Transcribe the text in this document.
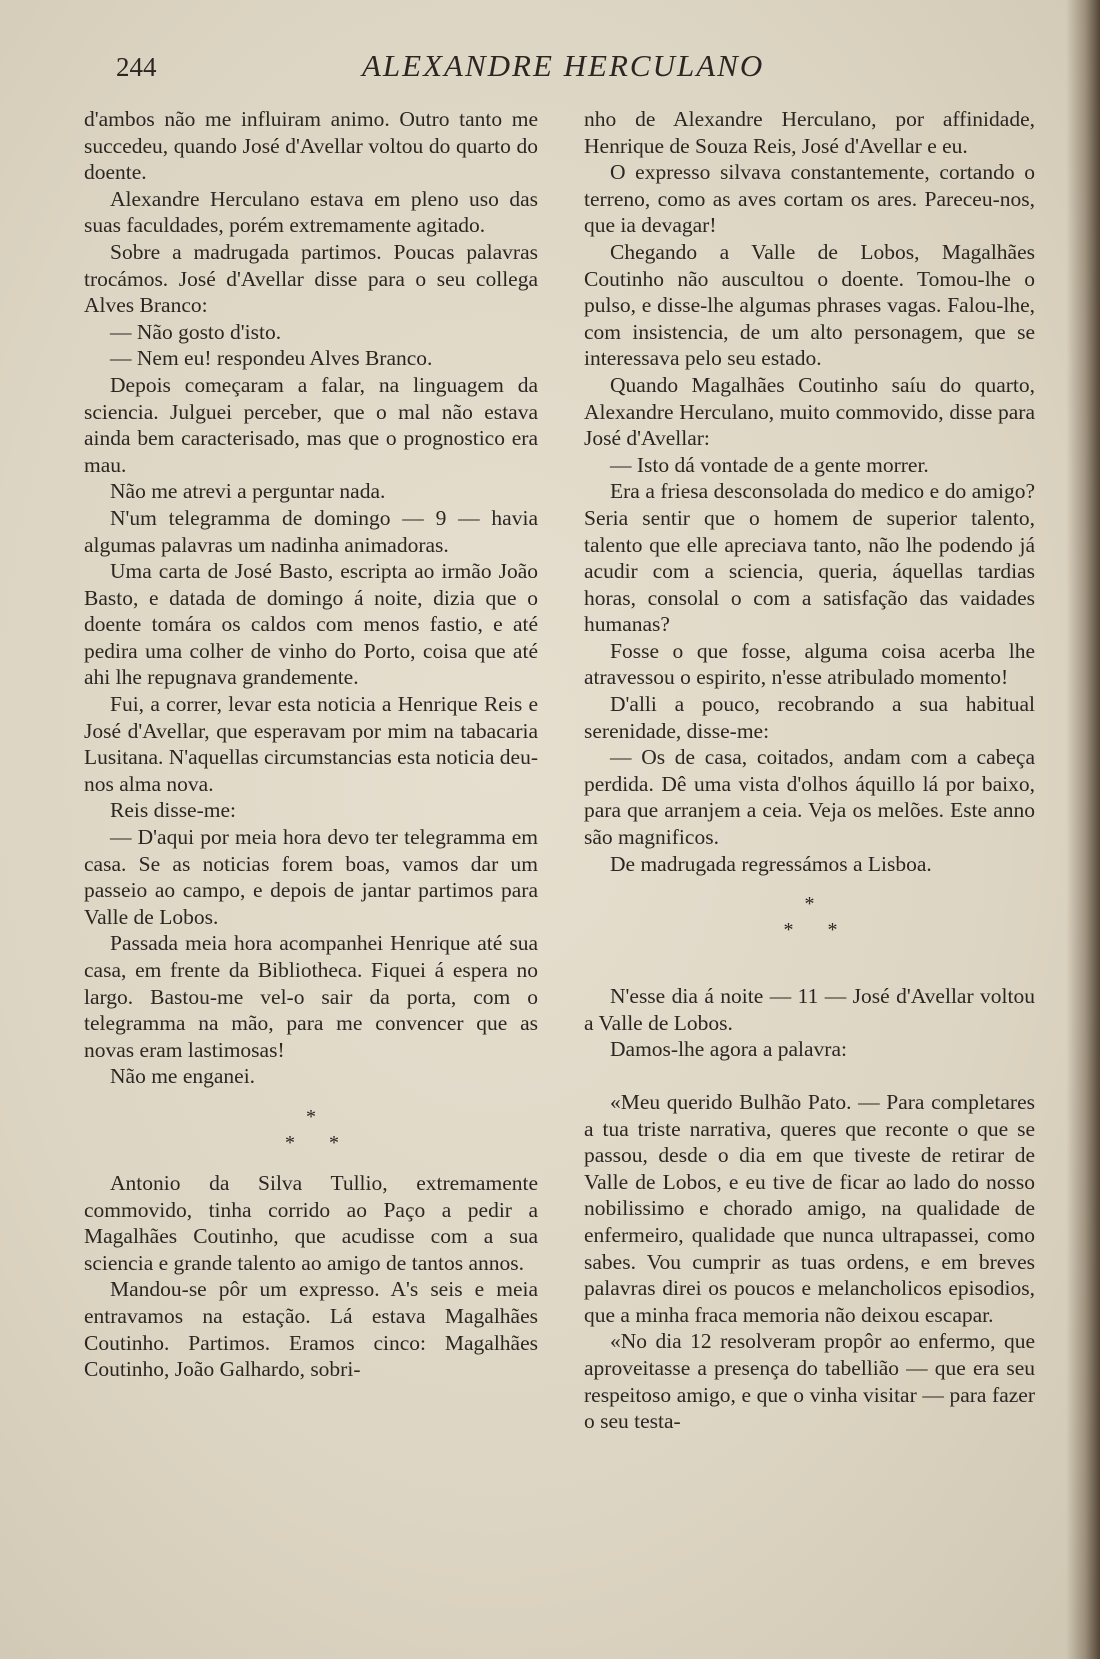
244	ALEXANDRE HERCULANO

d'ambos não me influiram animo. Outro tanto me succedeu, quando José d'Avellar voltou do quarto do doente.

Alexandre Herculano estava em pleno uso das suas faculdades, porém extremamente agitado.

Sobre a madrugada partimos. Poucas palavras trocámos. José d'Avellar disse para o seu collega Alves Branco:

— Não gosto d'isto.

— Nem eu! respondeu Alves Branco.

Depois começaram a falar, na linguagem da sciencia. Julguei perceber, que o mal não estava ainda bem caracterisado, mas que o prognostico era mau.

Não me atrevi a perguntar nada.

N'um telegramma de domingo — 9 — havia algumas palavras um nadinha animadoras.

Uma carta de José Basto, escripta ao irmão João Basto, e datada de domingo á noite, dizia que o doente tomára os caldos com menos fastio, e até pedira uma colher de vinho do Porto, coisa que até ahi lhe repugnava grandemente.

Fui, a correr, levar esta noticia a Henrique Reis e José d'Avellar, que esperavam por mim na tabacaria Lusitana. N'aquellas circumstancias esta noticia deu-nos alma nova.

Reis disse-me:

— D'aqui por meia hora devo ter telegramma em casa. Se as noticias forem boas, vamos dar um passeio ao campo, e depois de jantar partimos para Valle de Lobos.

Passada meia hora acompanhei Henrique até sua casa, em frente da Bibliotheca. Fiquei á espera no largo. Bastou-me vel-o sair da porta, com o telegramma na mão, para me convencer que as novas eram lastimosas!

Não me enganei.

*
* *

Antonio da Silva Tullio, extremamente commovido, tinha corrido ao Paço a pedir a Magalhães Coutinho, que acudisse com a sua sciencia e grande talento ao amigo de tantos annos.

Mandou-se pôr um expresso. A's seis e meia entravamos na estação. Lá estava Magalhães Coutinho. Partimos. Eramos cinco: Magalhães Coutinho, João Galhardo, sobri-

nho de Alexandre Herculano, por affinidade, Henrique de Souza Reis, José d'Avellar e eu.

O expresso silvava constantemente, cortando o terreno, como as aves cortam os ares. Pareceu-nos, que ia devagar!

Chegando a Valle de Lobos, Magalhães Coutinho não auscultou o doente. Tomou-lhe o pulso, e disse-lhe algumas phrases vagas. Falou-lhe, com insistencia, de um alto personagem, que se interessava pelo seu estado.

Quando Magalhães Coutinho saíu do quarto, Alexandre Herculano, muito commovido, disse para José d'Avellar:

— Isto dá vontade de a gente morrer.

Era a friesa desconsolada do medico e do amigo? Seria sentir que o homem de superior talento, talento que elle apreciava tanto, não lhe podendo já acudir com a sciencia, queria, áquellas tardias horas, consolal o com a satisfação das vaidades humanas?

Fosse o que fosse, alguma coisa acerba lhe atravessou o espirito, n'esse atribulado momento!

D'alli a pouco, recobrando a sua habitual serenidade, disse-me:

— Os de casa, coitados, andam com a cabeça perdida. Dê uma vista d'olhos áquillo lá por baixo, para que arranjem a ceia. Veja os melões. Este anno são magnificos.

De madrugada regressámos a Lisboa.

*
* *

N'esse dia á noite — 11 — José d'Avellar voltou a Valle de Lobos.

Damos-lhe agora a palavra:

«Meu querido Bulhão Pato. — Para completares a tua triste narrativa, queres que reconte o que se passou, desde o dia em que tiveste de retirar de Valle de Lobos, e eu tive de ficar ao lado do nosso nobilissimo e chorado amigo, na qualidade de enfermeiro, qualidade que nunca ultrapassei, como sabes. Vou cumprir as tuas ordens, e em breves palavras direi os poucos e melancholicos episodios, que a minha fraca memoria não deixou escapar.

«No dia 12 resolveram propôr ao enfermo, que aproveitasse a presença do tabellião — que era seu respeitoso amigo, e que o vinha visitar — para fazer o seu testa-
